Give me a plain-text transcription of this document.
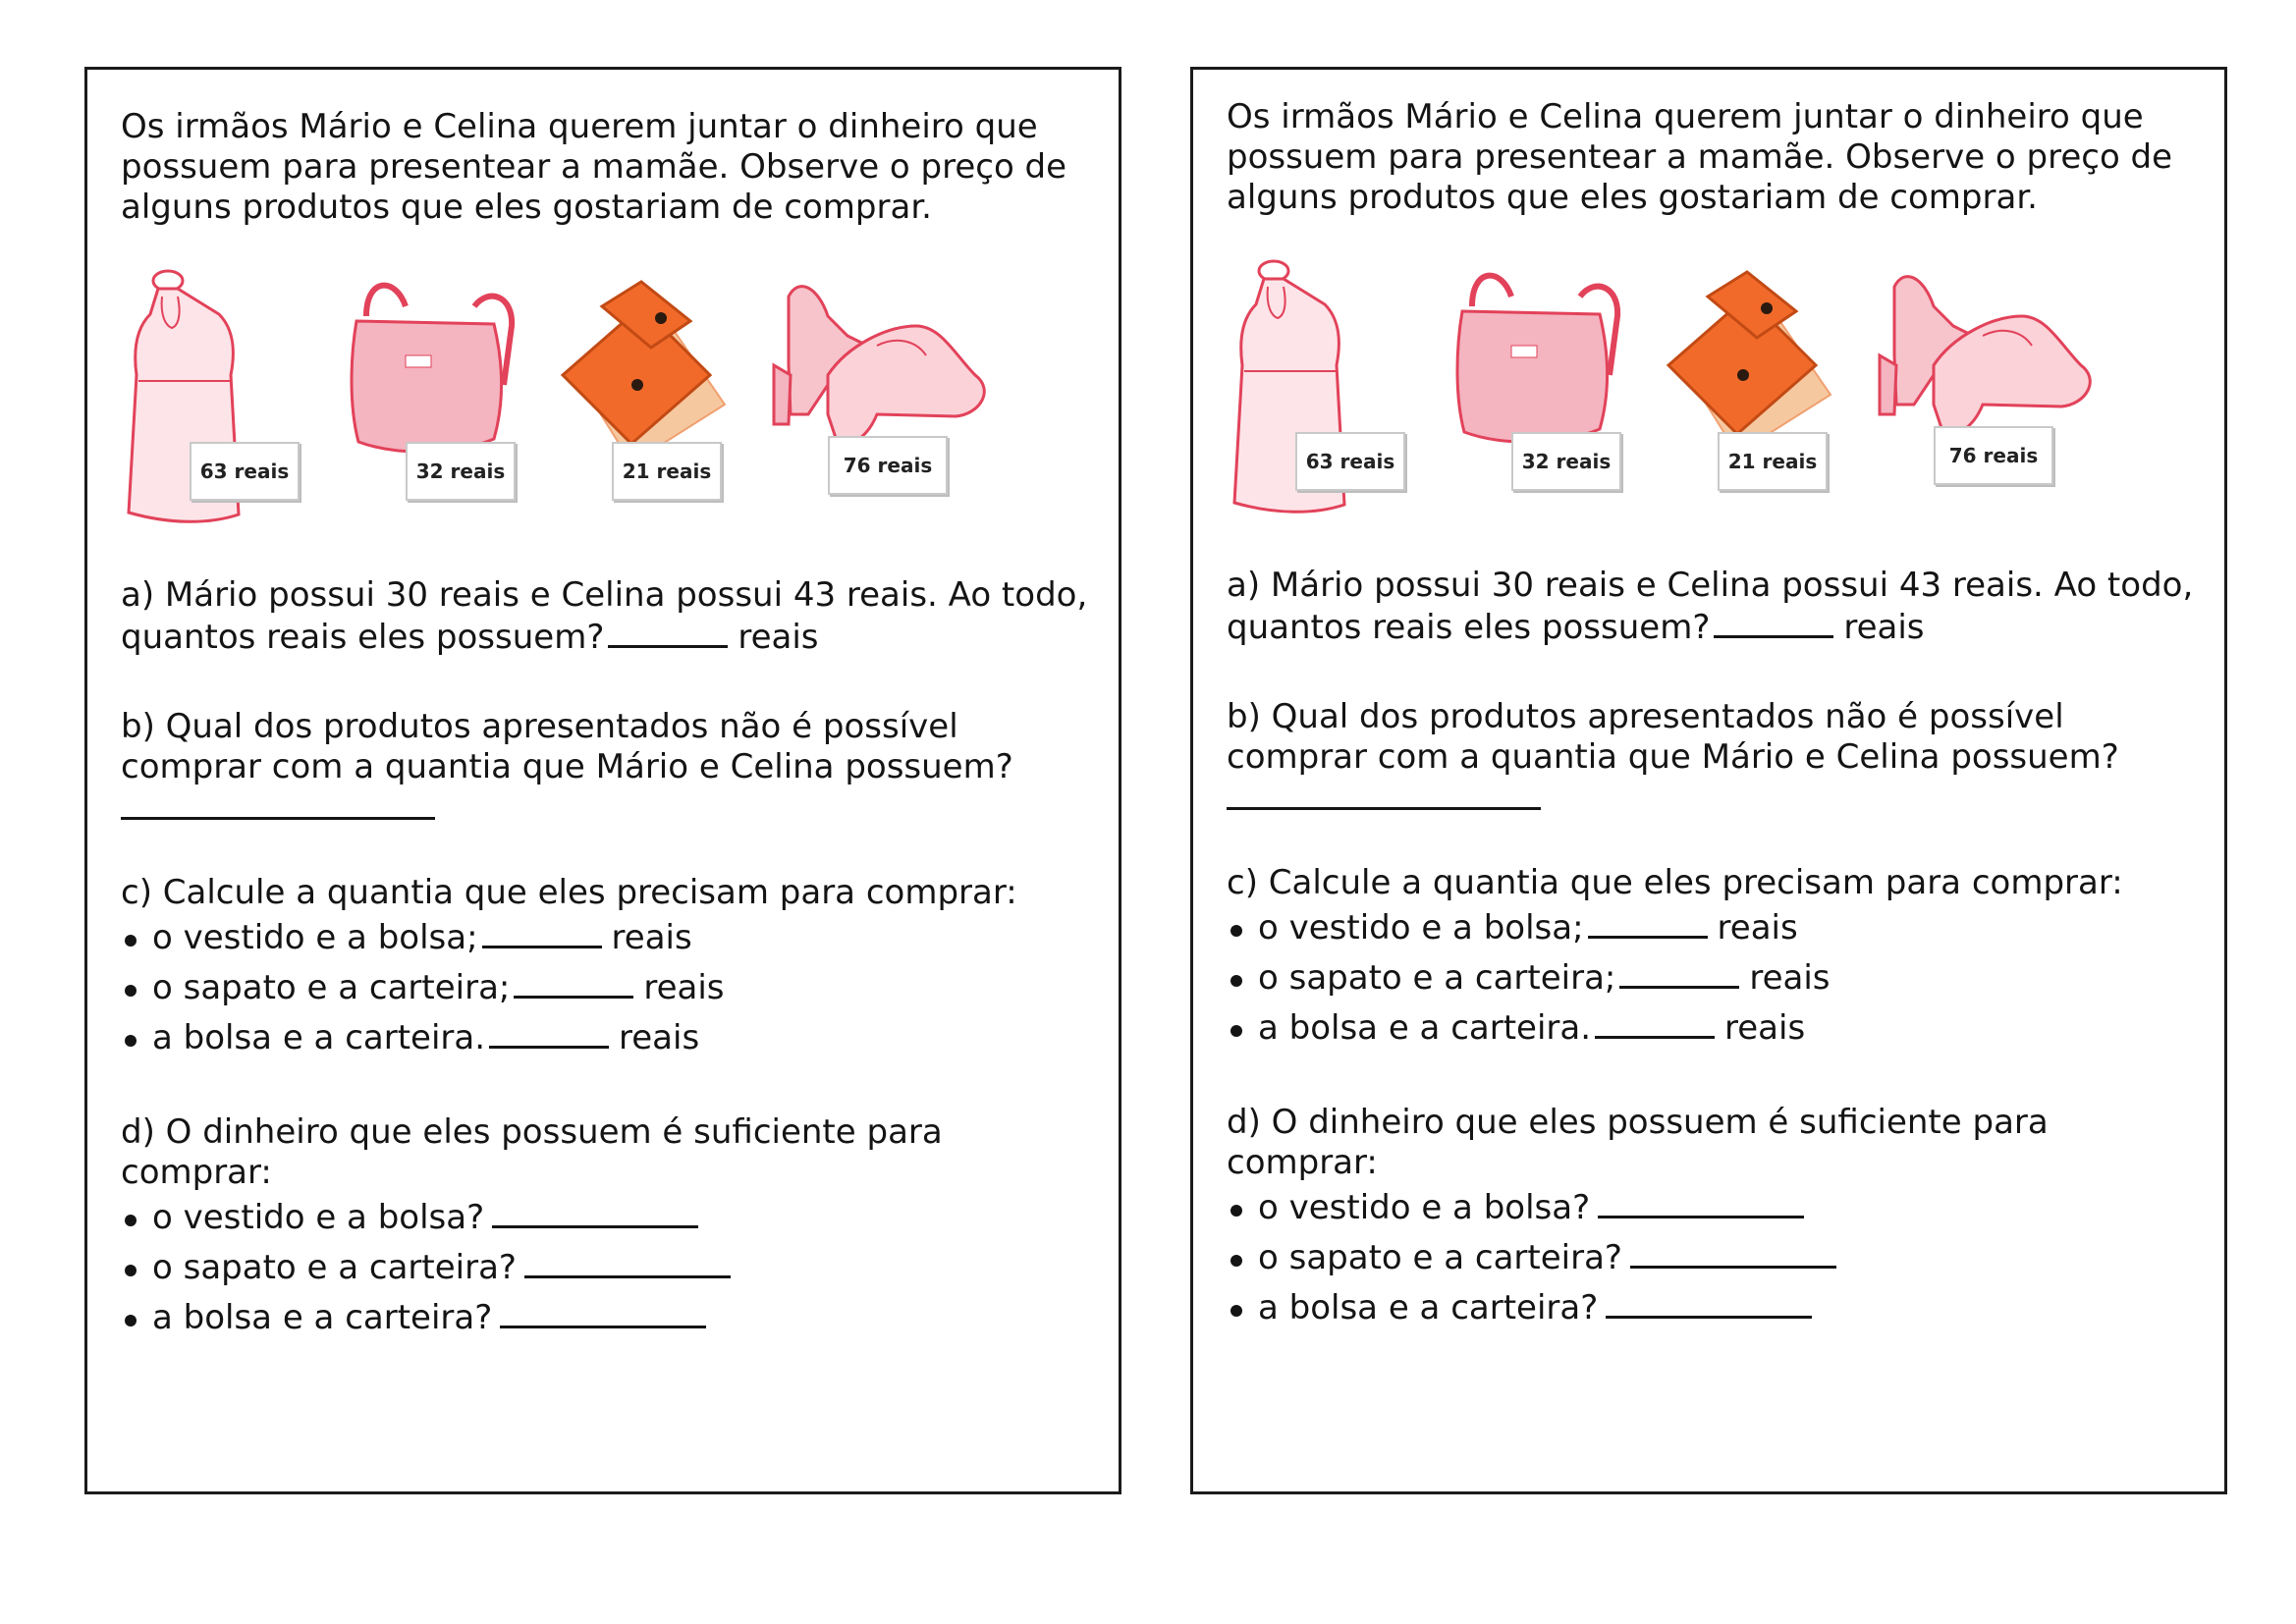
Os irmãos Mário e Celina querem juntar o dinheiro que possuem para presentear a mamãe. Observe o preço de alguns produtos que eles gostariam de comprar.

63 reais	32 reais	21 reais	76 reais

a) Mário possui 30 reais e Celina possui 43 reais. Ao todo, quantos reais eles possuem?	reais

b) Qual dos produtos apresentados não é possível comprar com a quantia que Mário e Celina possuem?

c) Calcule a quantia que eles precisam para comprar:

o vestido e a bolsa;	reais
o sapato e a carteira;	reais
a bolsa e a carteira.	reais

d) O dinheiro que eles possuem é suficiente para comprar:

o vestido e a bolsa?
o sapato e a carteira?
a bolsa e a carteira?

Os irmãos Mário e Celina querem juntar o dinheiro que possuem para presentear a mamãe. Observe o preço de alguns produtos que eles gostariam de comprar.

63 reais	32 reais	21 reais	76 reais

a) Mário possui 30 reais e Celina possui 43 reais. Ao todo, quantos reais eles possuem?	reais

b) Qual dos produtos apresentados não é possível comprar com a quantia que Mário e Celina possuem?

c) Calcule a quantia que eles precisam para comprar:

o vestido e a bolsa;	reais
o sapato e a carteira;	reais
a bolsa e a carteira.	reais

d) O dinheiro que eles possuem é suficiente para comprar:

o vestido e a bolsa?
o sapato e a carteira?
a bolsa e a carteira?
